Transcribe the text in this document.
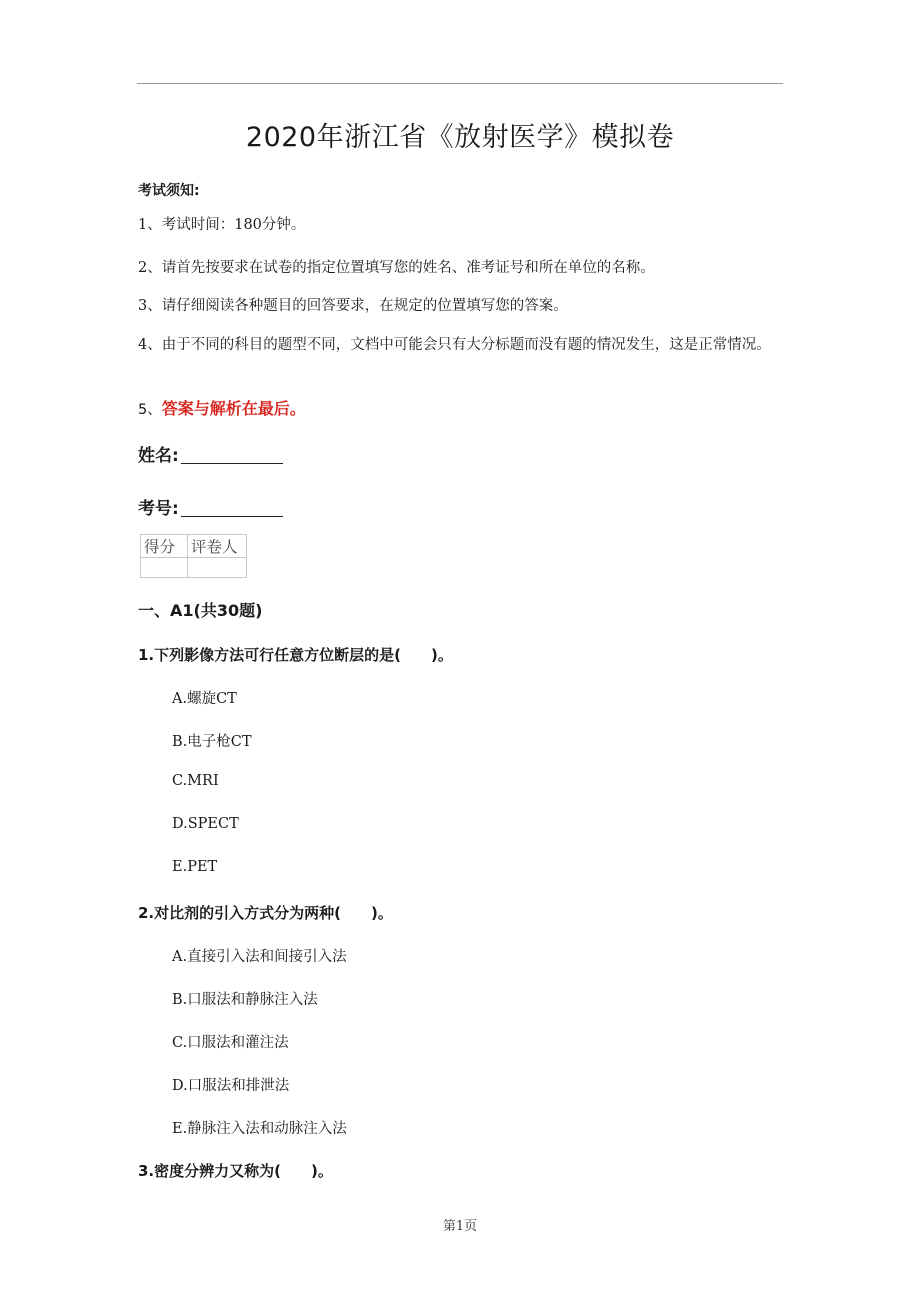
2020年浙江省《放射医学》模拟卷
考试须知:
1、考试时间：180分钟。
2、请首先按要求在试卷的指定位置填写您的姓名、准考证号和所在单位的名称。
3、请仔细阅读各种题目的回答要求，在规定的位置填写您的答案。
4、由于不同的科目的题型不同，文档中可能会只有大分标题而没有题的情况发生，这是正常情况。
5、答案与解析在最后。
姓名:
考号:
得分	评卷人

一、A1(共30题)
1.下列影像方法可行任意方位断层的是(　　)。
A.螺旋CT
B.电子枪CT
C.MRI
D.SPECT
E.PET
2.对比剂的引入方式分为两种(　　)。
A.直接引入法和间接引入法
B.口服法和静脉注入法
C.口服法和灌注法
D.口服法和排泄法
E.静脉注入法和动脉注入法
3.密度分辨力又称为(　　)。
第1页
